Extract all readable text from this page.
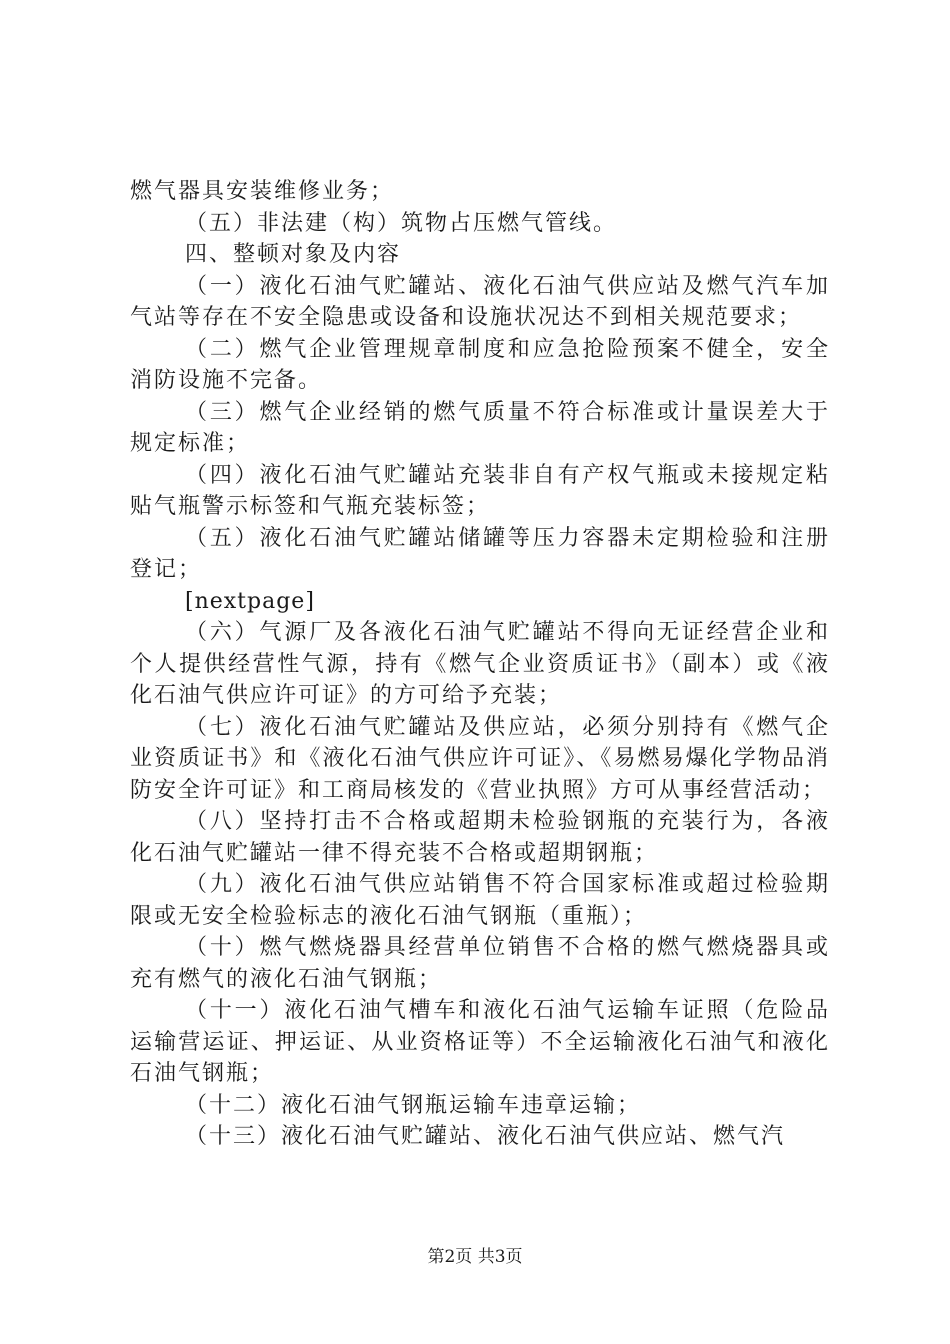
燃气器具安装维修业务；

（五）非法建（构）筑物占压燃气管线。

四、整顿对象及内容

（一）液化石油气贮罐站、液化石油气供应站及燃气汽车加气站等存在不安全隐患或设备和设施状况达不到相关规范要求；

（二）燃气企业管理规章制度和应急抢险预案不健全，安全消防设施不完备。

（三）燃气企业经销的燃气质量不符合标准或计量误差大于规定标准；

（四）液化石油气贮罐站充装非自有产权气瓶或未接规定粘贴气瓶警示标签和气瓶充装标签；

（五）液化石油气贮罐站储罐等压力容器未定期检验和注册登记；

[nextpage]

（六）气源厂及各液化石油气贮罐站不得向无证经营企业和个人提供经营性气源，持有《燃气企业资质证书》（副本）或《液化石油气供应许可证》的方可给予充装；

（七）液化石油气贮罐站及供应站，必须分别持有《燃气企业资质证书》和《液化石油气供应许可证》、《易燃易爆化学物品消防安全许可证》和工商局核发的《营业执照》方可从事经营活动；

（八）坚持打击不合格或超期未检验钢瓶的充装行为，各液化石油气贮罐站一律不得充装不合格或超期钢瓶；

（九）液化石油气供应站销售不符合国家标准或超过检验期限或无安全检验标志的液化石油气钢瓶（重瓶）；

（十）燃气燃烧器具经营单位销售不合格的燃气燃烧器具或充有燃气的液化石油气钢瓶；

（十一）液化石油气槽车和液化石油气运输车证照（危险品运输营运证、押运证、从业资格证等）不全运输液化石油气和液化石油气钢瓶；

（十二）液化石油气钢瓶运输车违章运输；

（十三）液化石油气贮罐站、液化石油气供应站、燃气汽

第2页 共3页
